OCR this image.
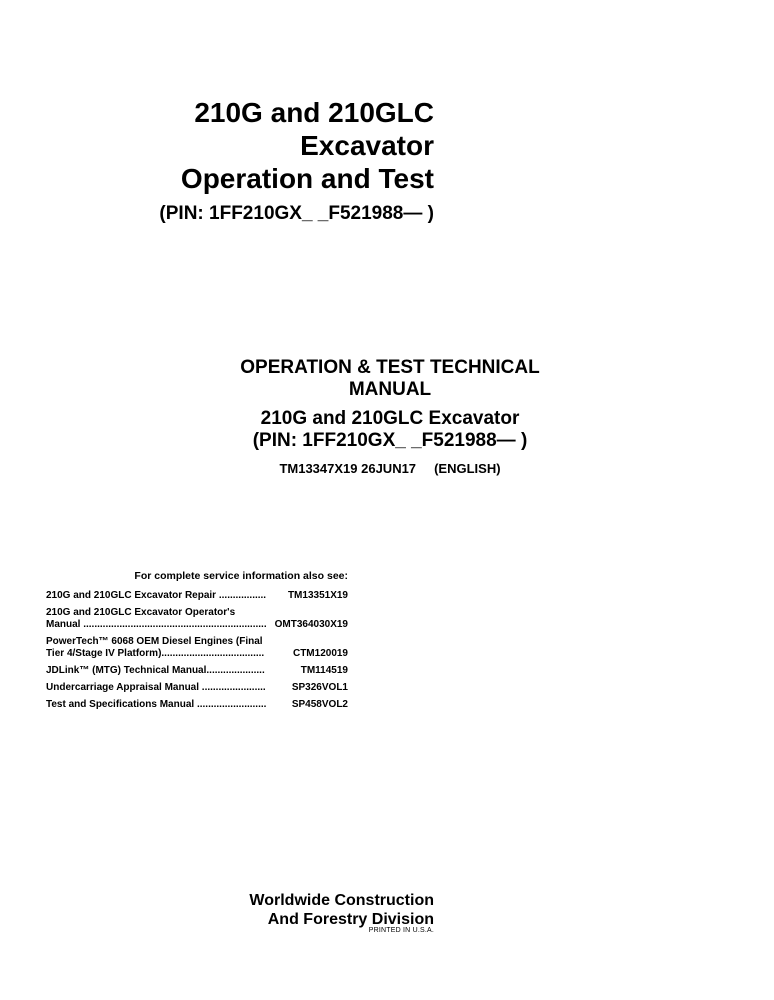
210G and 210GLC
Excavator
Operation and Test
(PIN: 1FF210GX_ _F521988— )
OPERATION & TEST TECHNICAL
MANUAL
210G and 210GLC Excavator
(PIN: 1FF210GX_ _F521988— )
TM13347X19 26JUN17     (ENGLISH)
For complete service information also see:
210G and 210GLC Excavator Repair .................	TM13351X19
210G and 210GLC Excavator Operator's Manual .................................................................. OMT364030X19
PowerTech™ 6068 OEM Diesel Engines (Final Tier 4/Stage IV Platform).....................................	CTM120019
JDLink™ (MTG) Technical Manual.....................	TM114519
Undercarriage Appraisal Manual .......................	SP326VOL1
Test and Specifications Manual .........................	SP458VOL2
Worldwide Construction
And Forestry Division
PRINTED IN U.S.A.
